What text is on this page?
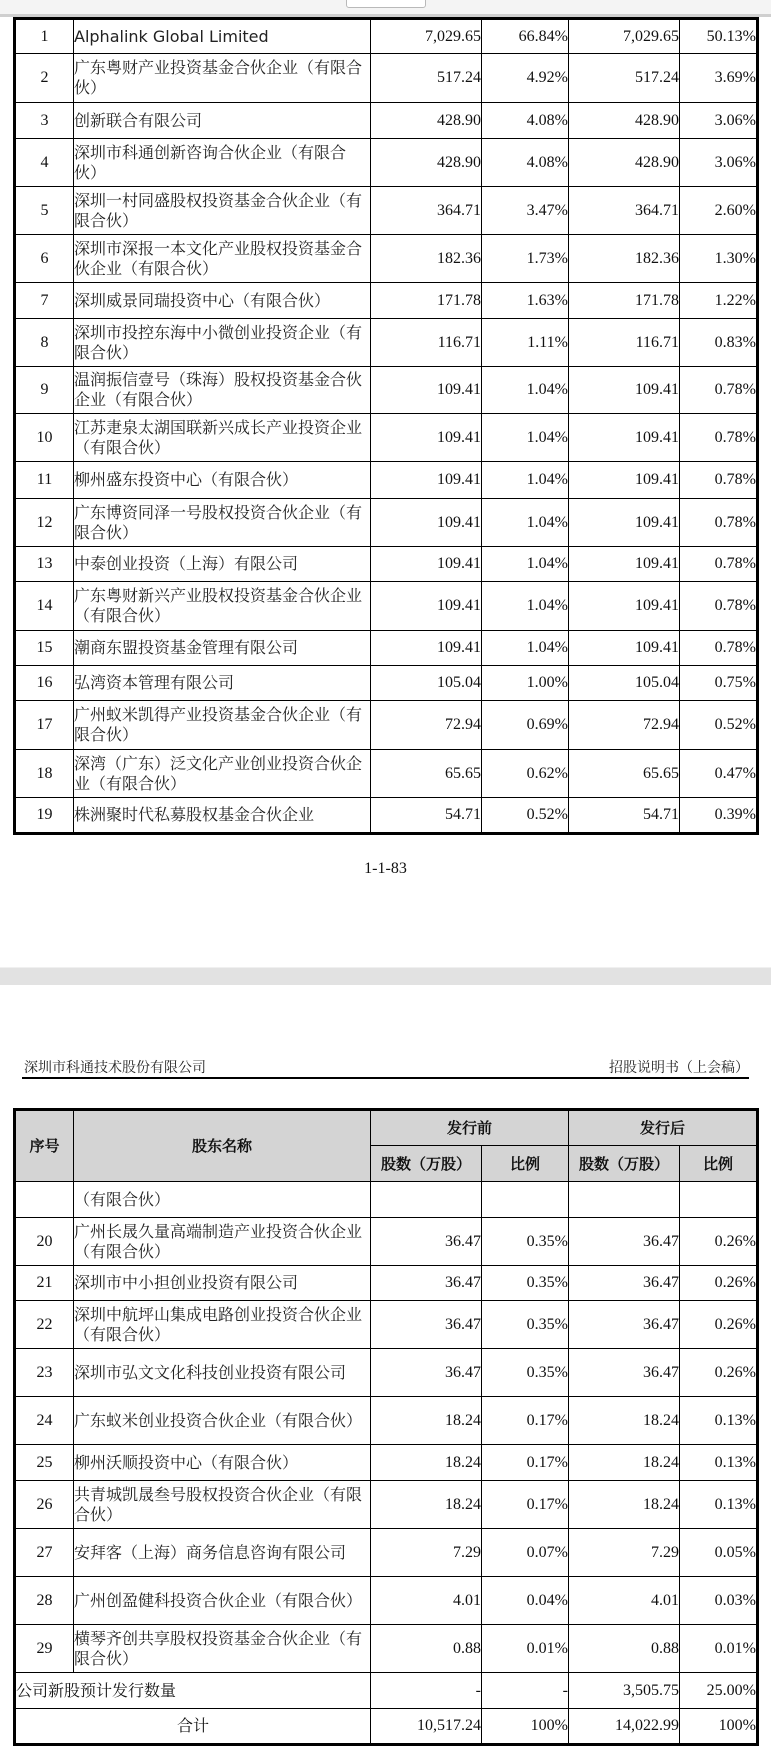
1	Alphalink Global Limited	7,029.65	66.84%	7,029.65	50.13%
2	广东粤财产业投资基金合伙企业（有限合伙）	517.24	4.92%	517.24	3.69%
3	创新联合有限公司	428.90	4.08%	428.90	3.06%
4	深圳市科通创新咨询合伙企业（有限合伙）	428.90	4.08%	428.90	3.06%
5	深圳一村同盛股权投资基金合伙企业（有限合伙）	364.71	3.47%	364.71	2.60%
6	深圳市深报一本文化产业股权投资基金合伙企业（有限合伙）	182.36	1.73%	182.36	1.30%
7	深圳威景同瑞投资中心（有限合伙）	171.78	1.63%	171.78	1.22%
8	深圳市投控东海中小微创业投资企业（有限合伙）	116.71	1.11%	116.71	0.83%
9	温润振信壹号（珠海）股权投资基金合伙企业（有限合伙）	109.41	1.04%	109.41	0.78%
10	江苏疌泉太湖国联新兴成长产业投资企业（有限合伙）	109.41	1.04%	109.41	0.78%
11	柳州盛东投资中心（有限合伙）	109.41	1.04%	109.41	0.78%
12	广东博资同泽一号股权投资合伙企业（有限合伙）	109.41	1.04%	109.41	0.78%
13	中泰创业投资（上海）有限公司	109.41	1.04%	109.41	0.78%
14	广东粤财新兴产业股权投资基金合伙企业（有限合伙）	109.41	1.04%	109.41	0.78%
15	潮商东盟投资基金管理有限公司	109.41	1.04%	109.41	0.78%
16	弘湾资本管理有限公司	105.04	1.00%	105.04	0.75%
17	广州蚁米凯得产业投资基金合伙企业（有限合伙）	72.94	0.69%	72.94	0.52%
18	深湾（广东）泛文化产业创业投资合伙企业（有限合伙）	65.65	0.62%	65.65	0.47%
19	株洲聚时代私募股权基金合伙企业	54.71	0.52%	54.71	0.39%
1-1-83
深圳市科通技术股份有限公司	招股说明书（上会稿）
序号	股东名称	发行前		发行后	
		股数（万股）	比例	股数（万股）	比例
	（有限合伙）				
20	广州长晟久量高端制造产业投资合伙企业（有限合伙）	36.47	0.35%	36.47	0.26%
21	深圳市中小担创业投资有限公司	36.47	0.35%	36.47	0.26%
22	深圳中航坪山集成电路创业投资合伙企业（有限合伙）	36.47	0.35%	36.47	0.26%
23	深圳市弘文文化科技创业投资有限公司	36.47	0.35%	36.47	0.26%
24	广东蚁米创业投资合伙企业（有限合伙）	18.24	0.17%	18.24	0.13%
25	柳州沃顺投资中心（有限合伙）	18.24	0.17%	18.24	0.13%
26	共青城凯晟叁号股权投资合伙企业（有限合伙）	18.24	0.17%	18.24	0.13%
27	安拜客（上海）商务信息咨询有限公司	7.29	0.07%	7.29	0.05%
28	广州创盈健科投资合伙企业（有限合伙）	4.01	0.04%	4.01	0.03%
29	横琴齐创共享股权投资基金合伙企业（有限合伙）	0.88	0.01%	0.88	0.01%
公司新股预计发行数量		-	-	3,505.75	25.00%
合计		10,517.24	100%	14,022.99	100%
